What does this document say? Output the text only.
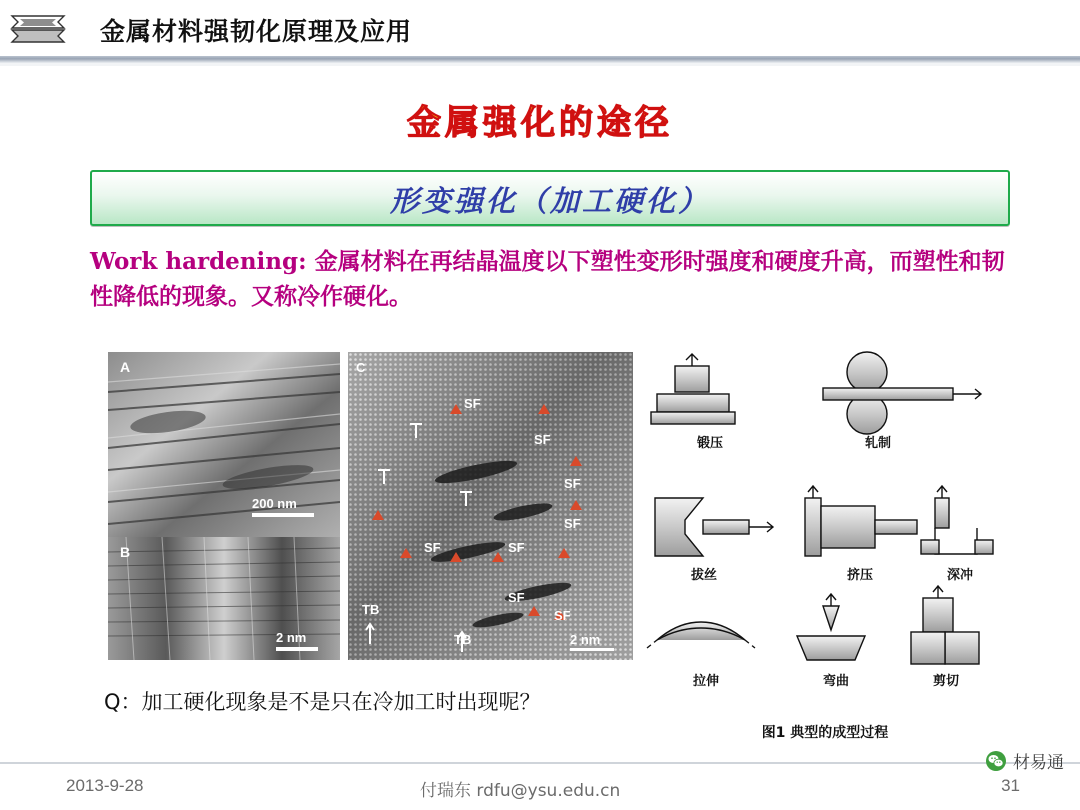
金属材料强韧化原理及应用
金属强化的途径
形变强化（加工硬化）
Work hardening: 金属材料在再结晶温度以下塑性变形时强度和硬度升高，而塑性和韧性降低的现象。又称冷作硬化。
A
B
200 nm
2 nm
C
SF
SF
SF
SF
SF	SF
SF
SF
TB
TB	2 nm
锻压	轧制
拔丝	挤压	深冲
拉伸	弯曲	剪切
Q：加工硬化现象是不是只在冷加工时出现呢？
图1 典型的成型过程
2013-9-28	付瑞东 rdfu@ysu.edu.cn	31
材易通
